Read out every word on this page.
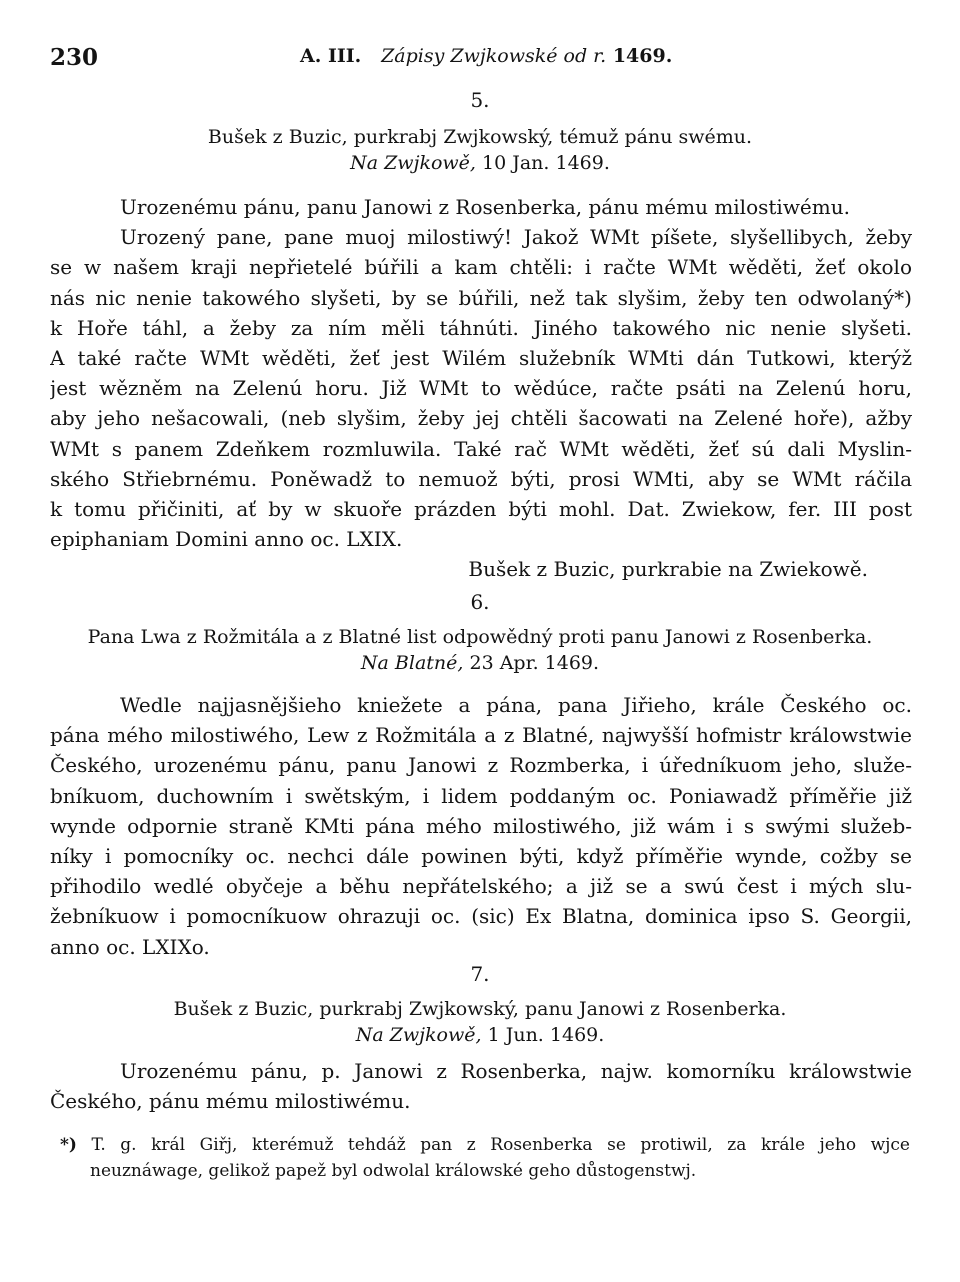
230	A. III. Zápisy Zwjkowské od r. 1469.
5.
Bušek z Buzic, purkrabj Zwjkowský, témuž pánu swému.
Na Zwjkowě, 10 Jan. 1469.
Urozenému pánu, panu Janowi z Rosenberka, pánu mému milostiwému.
Urozený pane, pane muoj milostiwý! Jakož WMt píšete, slyšellibych, žeby
se w našem kraji nepřietelé búřili a kam chtěli: i račte WMt wěděti, žeť okolo
nás nic nenie takowého slyšeti, by se búřili, než tak slyšim, žeby ten odwolaný*)
k Hoře táhl, a žeby za ním měli táhnúti. Jiného takowého nic nenie slyšeti.
A také račte WMt wěděti, žeť jest Wilém služebník WMti dán Tutkowi, kterýž
jest wězněm na Zelenú horu. Již WMt to wědúce, račte psáti na Zelenú horu,
aby jeho nešacowali, (neb slyšim, žeby jej chtěli šacowati na Zelené hoře), ažby
WMt s panem Zdeňkem rozmluwila. Také rač WMt wěděti, žeť sú dali Myslin-
ského Střiebrnému. Poněwadž to nemuož býti, prosi WMti, aby se WMt ráčila
k tomu přičiniti, ať by w skuoře prázden býti mohl. Dat. Zwiekow, fer. III post
epiphaniam Domini anno oc. LXIX.
Bušek z Buzic, purkrabie na Zwiekowě.
6.
Pana Lwa z Rožmitála a z Blatné list odpowědný proti panu Janowi z Rosenberka.
Na Blatné, 23 Apr. 1469.
Wedle najjasnějšieho kniežete a pána, pana Jiřieho, krále Českého oc.
pána mého milostiwého, Lew z Rožmitála a z Blatné, najwyšší hofmistr králowstwie
Českého, urozenému pánu, panu Janowi z Rozmberka, i úředníkuom jeho, služe-
bníkuom, duchowním i swětským, i lidem poddaným oc. Poniawadž příměřie již
wynde odpornie straně KMti pána mého milostiwého, již wám i s swými služeb-
níky i pomocníky oc. nechci dále powinen býti, když příměřie wynde, cožby se
přihodilo wedlé obyčeje a běhu nepřátelského; a již se a swú čest i mých slu-
žebníkuow i pomocníkuow ohrazuji oc. (sic) Ex Blatna, dominica ipso S. Georgii,
anno oc. LXIXo.
7.
Bušek z Buzic, purkrabj Zwjkowský, panu Janowi z Rosenberka.
Na Zwjkowě, 1 Jun. 1469.
Urozenému pánu, p. Janowi z Rosenberka, najw. komorníku králowstwie
Českého, pánu mému milostiwému.
*) T. g. král Giřj, kterémuž tehdáž pan z Rosenberka se protiwil, za krále jeho wjce
neuznáwage, gelikož papež byl odwolal králowské geho důstogenstwj.
